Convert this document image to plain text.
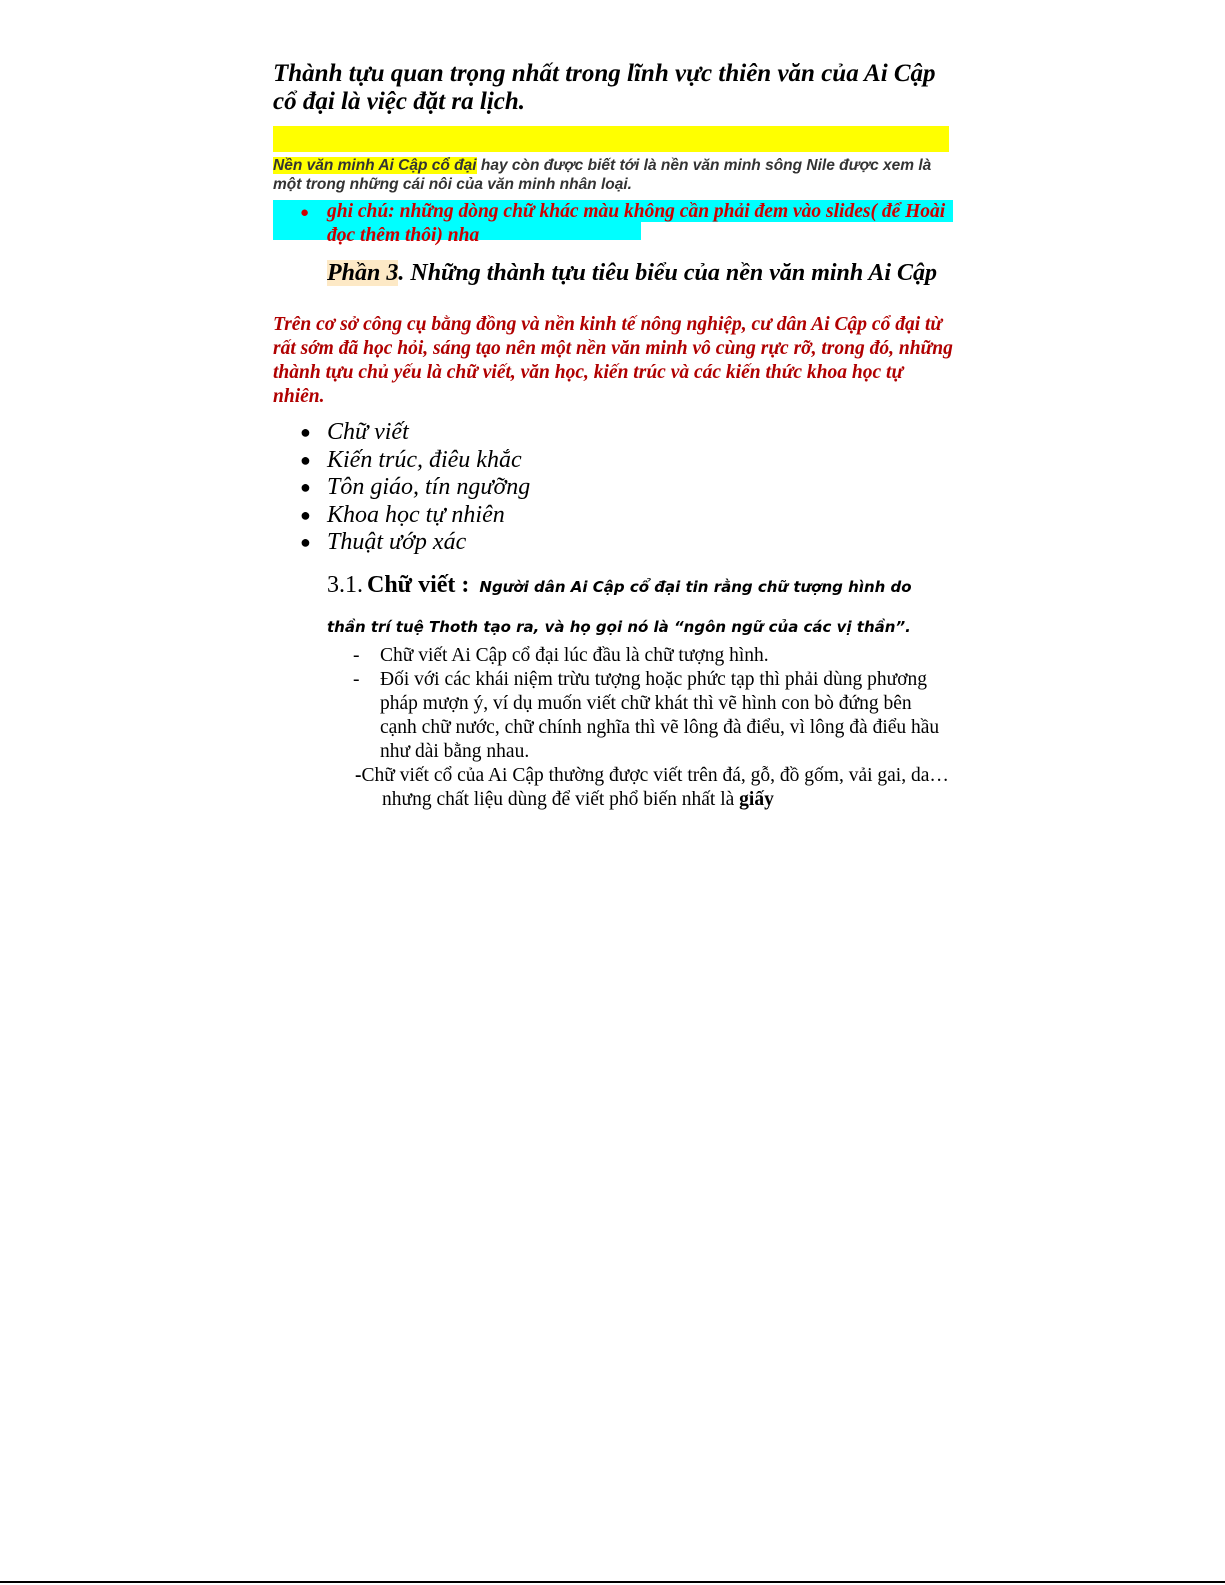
Thành tựu quan trọng nhất trong lĩnh vực thiên văn của Ai Cập cổ đại là việc đặt ra lịch.

Nền văn minh Ai Cập cổ đại hay còn được biết tới là nền văn minh sông Nile được xem là một trong những cái nôi của văn minh nhân loại.

● ghi chú: những dòng chữ khác màu không cần phải đem vào slides( để Hoài đọc thêm thôi) nha

Phần 3. Những thành tựu tiêu biểu của nền văn minh Ai Cập

Trên cơ sở công cụ bằng đồng và nền kinh tế nông nghiệp, cư dân Ai Cập cổ đại từ rất sớm đã học hỏi, sáng tạo nên một nền văn minh vô cùng rực rỡ, trong đó, những thành tựu chủ yếu là chữ viết, văn học, kiến trúc và các kiến thức khoa học tự nhiên.

● Chữ viết
● Kiến trúc, điêu khắc
● Tôn giáo, tín ngưỡng
● Khoa học tự nhiên
● Thuật ướp xác

3.1. Chữ viết : Người dân Ai Cập cổ đại tin rằng chữ tượng hình do

thần trí tuệ Thoth tạo ra, và họ gọi nó là “ngôn ngữ của các vị thần”.

- Chữ viết Ai Cập cổ đại lúc đầu là chữ tượng hình.
- Đối với các khái niệm trừu tượng hoặc phức tạp thì phải dùng phương pháp mượn ý, ví dụ muốn viết chữ khát thì vẽ hình con bò đứng bên cạnh chữ nước, chữ chính nghĩa thì vẽ lông đà điểu, vì lông đà điểu hầu như dài bằng nhau.

-Chữ viết cổ của Ai Cập thường được viết trên đá, gỗ, đồ gốm, vải gai, da… nhưng chất liệu dùng để viết phổ biến nhất là giấy
